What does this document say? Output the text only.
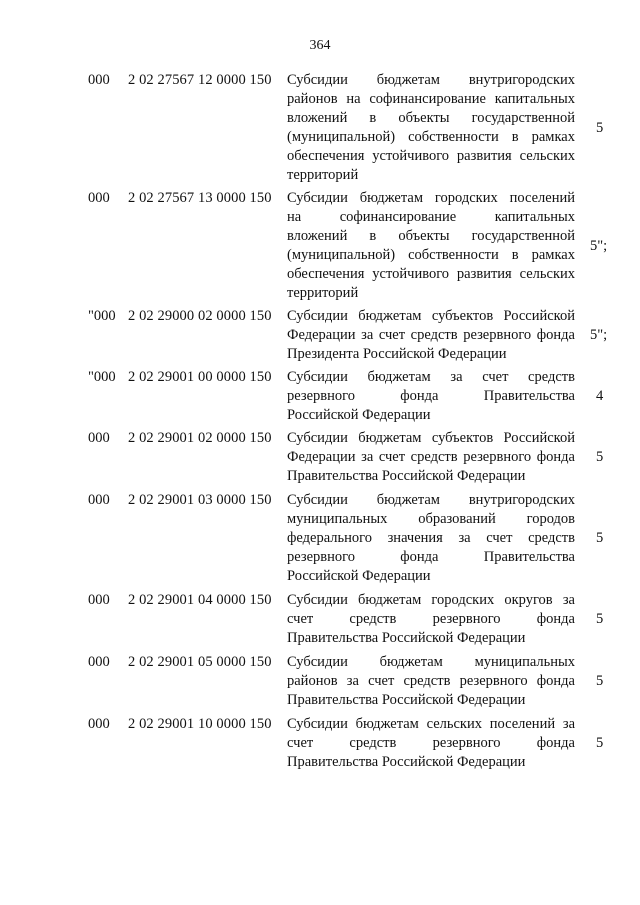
364
000 2 02 27567 12 0000 150 Субсидии бюджетам внутригородских
районов на софинансирование капитальных
вложений в объекты государственной
(муниципальной) собственности в рамках
обеспечения устойчивого развития сельских
территорий
5
000 2 02 27567 13 0000 150 Субсидии бюджетам городских поселений
на софинансирование капитальных
вложений в объекты государственной
(муниципальной) собственности в рамках
обеспечения устойчивого развития сельских
территорий
5";
"000 2 02 29000 02 0000 150 Субсидии бюджетам субъектов Российской
Федерации за счет средств резервного фонда
Президента Российской Федерации
5";
"000 2 02 29001 00 0000 150 Субсидии бюджетам за счет средств
резервного фонда Правительства
Российской Федерации
4
000 2 02 29001 02 0000 150 Субсидии бюджетам субъектов Российской
Федерации за счет средств резервного фонда
Правительства Российской Федерации
5
000 2 02 29001 03 0000 150 Субсидии бюджетам внутригородских
муниципальных образований городов
федерального значения за счет средств
резервного фонда Правительства
Российской Федерации
5
000 2 02 29001 04 0000 150 Субсидии бюджетам городских округов за
счет средств резервного фонда
Правительства Российской Федерации
5
000 2 02 29001 05 0000 150 Субсидии бюджетам муниципальных
районов за счет средств резервного фонда
Правительства Российской Федерации
5
000 2 02 29001 10 0000 150 Субсидии бюджетам сельских поселений за
счет средств резервного фонда
Правительства Российской Федерации
5
